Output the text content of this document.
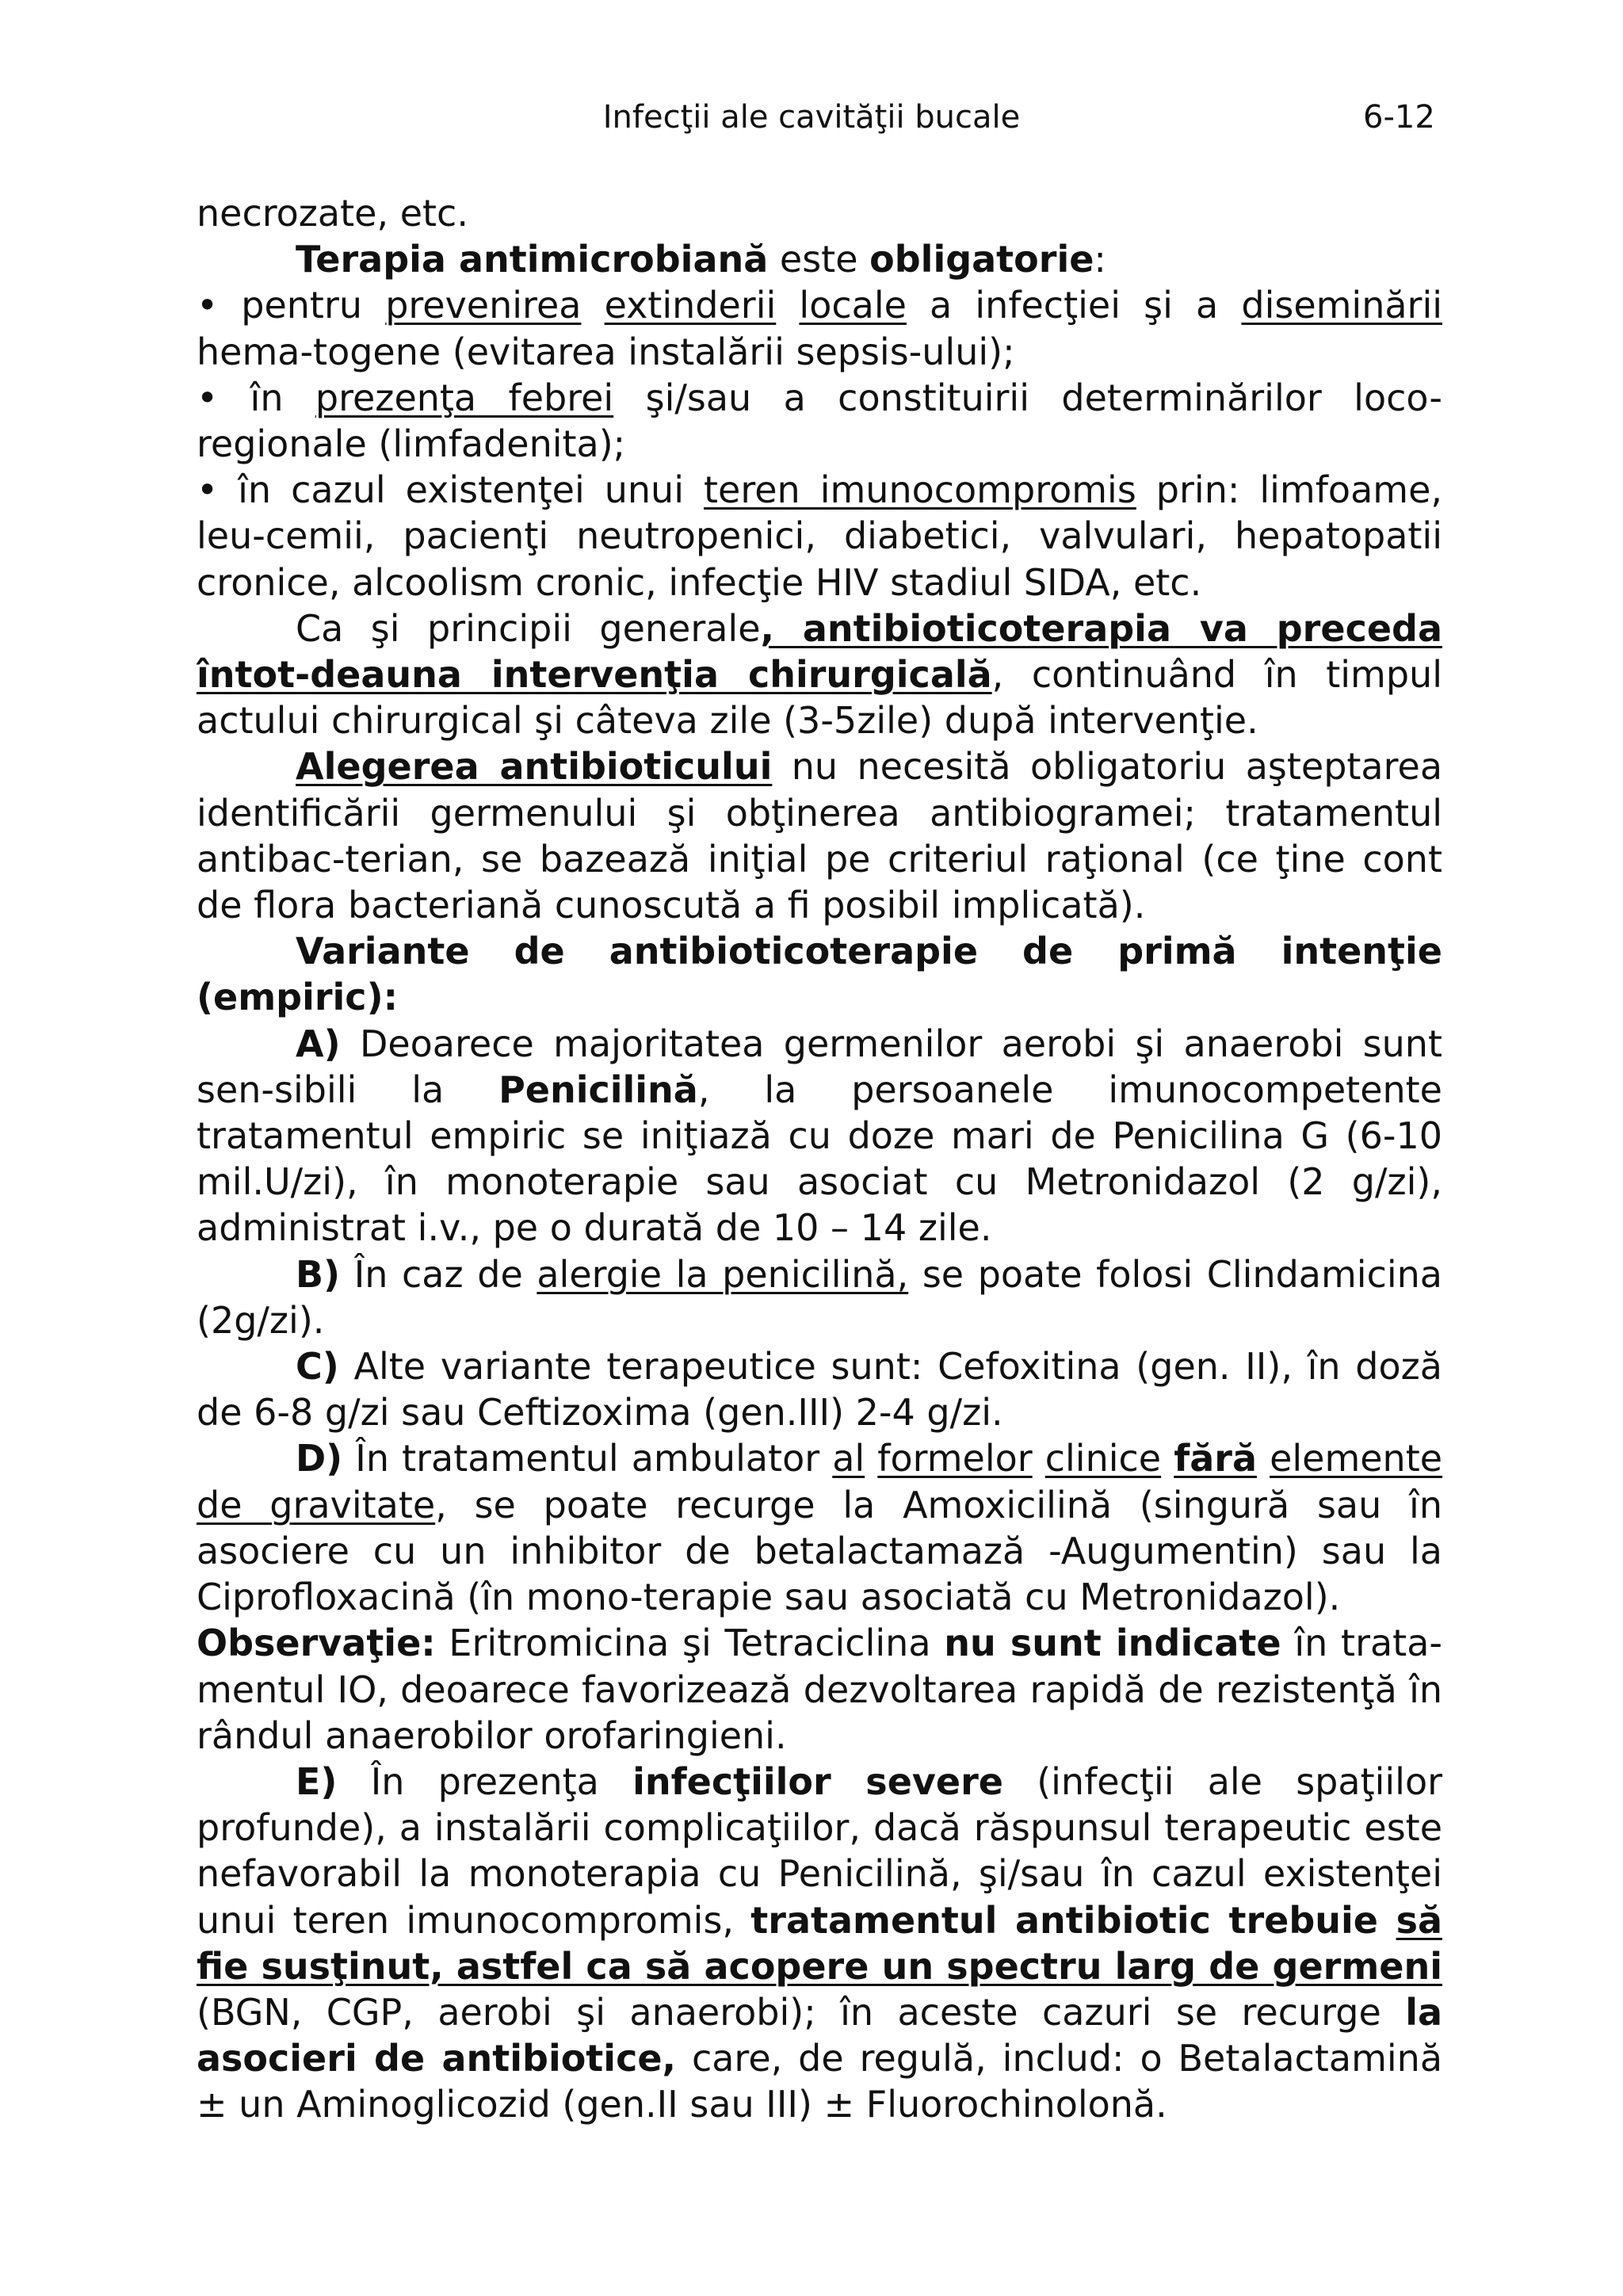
Infecţii ale cavităţii bucale	6-12

necrozate, etc.

Terapia antimicrobiană este obligatorie:

• pentru prevenirea extinderii locale a infecţiei şi a diseminării hema-togene (evitarea instalării sepsis-ului);

• în prezenţa febrei şi/sau a constituirii determinărilor loco-regionale (limfadenita);

• în cazul existenţei unui teren imunocompromis prin: limfoame, leu-cemii, pacienţi neutropenici, diabetici, valvulari, hepatopatii cronice, alcoolism cronic, infecţie HIV stadiul SIDA, etc.

Ca şi principii generale, antibioticoterapia va preceda întot-deauna intervenţia chirurgicală, continuând în timpul actului chirurgical şi câteva zile (3-5zile) după intervenţie.

Alegerea antibioticului nu necesită obligatoriu aşteptarea identificării germenului şi obţinerea antibiogramei; tratamentul antibac-terian, se bazează iniţial pe criteriul raţional (ce ţine cont de flora bacteriană cunoscută a fi posibil implicată).

Variante de antibioticoterapie de primă intenţie (empiric):

A) Deoarece majoritatea germenilor aerobi şi anaerobi sunt sen-sibili la Penicilină, la persoanele imunocompetente tratamentul empiric se iniţiază cu doze mari de Penicilina G (6-10 mil.U/zi), în monoterapie sau asociat cu Metronidazol (2 g/zi), administrat i.v., pe o durată de 10 – 14 zile.

B) În caz de alergie la penicilină, se poate folosi Clindamicina (2g/zi).

C) Alte variante terapeutice sunt: Cefoxitina (gen. II), în doză de 6-8 g/zi sau Ceftizoxima (gen.III) 2-4 g/zi.

D) În tratamentul ambulator al formelor clinice fără elemente de gravitate, se poate recurge la Amoxicilină (singură sau în asociere cu un inhibitor de betalactamază -Augumentin) sau la Ciprofloxacină (în mono-terapie sau asociată cu Metronidazol).

Observaţie: Eritromicina şi Tetraciclina nu sunt indicate în trata-mentul IO, deoarece favorizează dezvoltarea rapidă de rezistenţă în rândul anaerobilor orofaringieni.

E) În prezenţa infecţiilor severe (infecţii ale spaţiilor profunde), a instalării complicaţiilor, dacă răspunsul terapeutic este nefavorabil la monoterapia cu Penicilină, şi/sau în cazul existenţei unui teren imunocompromis, tratamentul antibiotic trebuie să fie susţinut, astfel ca să acopere un spectru larg de germeni (BGN, CGP, aerobi şi anaerobi); în aceste cazuri se recurge la asocieri de antibiotice, care, de regulă, includ: o Betalactamină ± un Aminoglicozid (gen.II sau III) ± Fluorochinolonă.
